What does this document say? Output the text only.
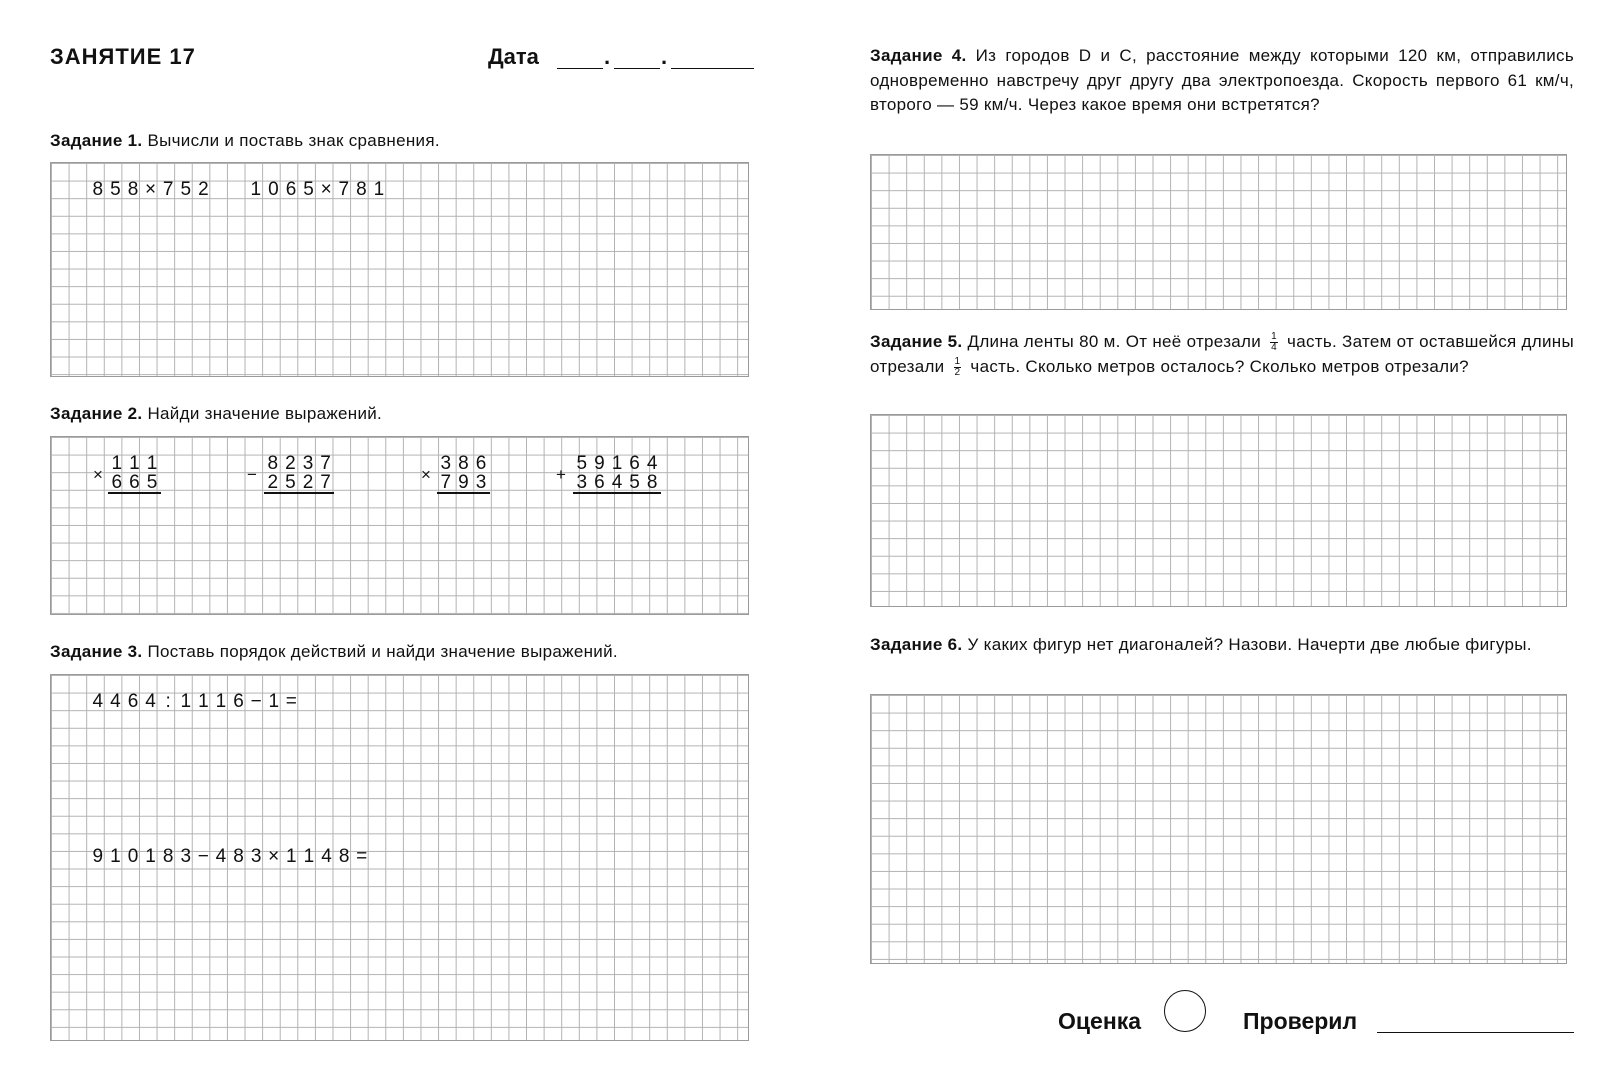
ЗАНЯТИЕ 17	Дата	. .
Задание 1. Вычисли и поставь знак сравнения.
8 5 8 × 7 5 2 1 0 6 5 × 7 8 1
Задание 2. Найди значение выражений.
×
1 1 1
6 6 5	−
8 2 3 7
2 5 2 7	×
3 8 6
7 9 3	+
5 9 1 6 4
3 6 4 5 8
Задание 3. Поставь порядок действий и найди значение выражений.
4 4 6 4 : 1 1 1 6 − 1 =
9 1 0 1 8 3 − 4 8 3 × 1 1 4 8 =
Задание 4. Из городов D и C, расстояние между которыми 120 км, отправились одновременно навстречу друг другу два электропоезда. Скорость первого 61 км/ч, второго — 59 км/ч. Через какое время они встретятся?
Задание 5. Длина ленты 80 м. От неё отрезали $\frac{1}{4}$ часть. Затем от оставшейся длины отрезали $\frac{1}{2}$ часть. Сколько метров осталось? Сколько метров отрезали?
Задание 6. У каких фигур нет диагоналей? Назови. Начерти две любые фигуры.
Оценка	Проверил
